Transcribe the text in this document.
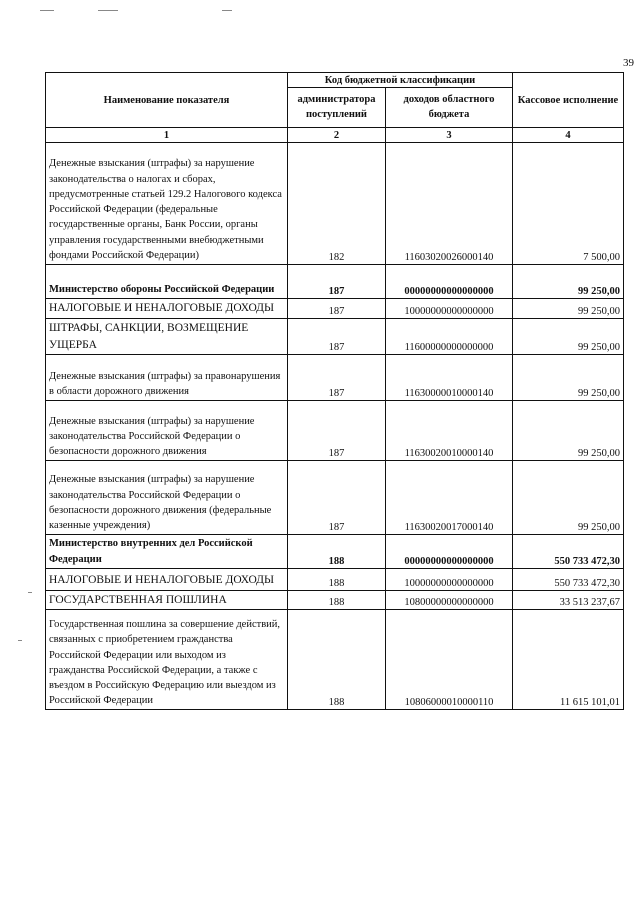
39
Наименование показателя	Код бюджетной классификации		Кассовое исполнение
	администратора поступлений	доходов областного бюджета	
1	2	3	4
Денежные взыскания (штрафы) за нарушение законодательства о налогах и сборах, предусмотренные статьей 129.2 Налогового кодекса Российской Федерации (федеральные государственные органы, Банк России, органы управления государственными внебюджетными фондами Российской Федерации)	182	11603020026000140	7 500,00
Министерство обороны Российской Федерации	187	00000000000000000	99 250,00
НАЛОГОВЫЕ И НЕНАЛОГОВЫЕ ДОХОДЫ	187	10000000000000000	99 250,00
ШТРАФЫ, САНКЦИИ, ВОЗМЕЩЕНИЕ УЩЕРБА	187	11600000000000000	99 250,00
Денежные взыскания (штрафы) за правонарушения в области дорожного движения	187	11630000010000140	99 250,00
Денежные взыскания (штрафы) за нарушение законодательства Российской Федерации о безопасности дорожного движения	187	11630020010000140	99 250,00
Денежные взыскания (штрафы) за нарушение законодательства Российской Федерации о безопасности дорожного движения (федеральные казенные учреждения)	187	11630020017000140	99 250,00
Министерство внутренних дел Российской Федерации	188	00000000000000000	550 733 472,30
НАЛОГОВЫЕ И НЕНАЛОГОВЫЕ ДОХОДЫ	188	10000000000000000	550 733 472,30
ГОСУДАРСТВЕННАЯ ПОШЛИНА	188	10800000000000000	33 513 237,67
Государственная пошлина за совершение действий, связанных с приобретением гражданства Российской Федерации или выходом из гражданства Российской Федерации, а также с въездом в Российскую Федерацию или выездом из Российской Федерации	188	10806000010000110	11 615 101,01
